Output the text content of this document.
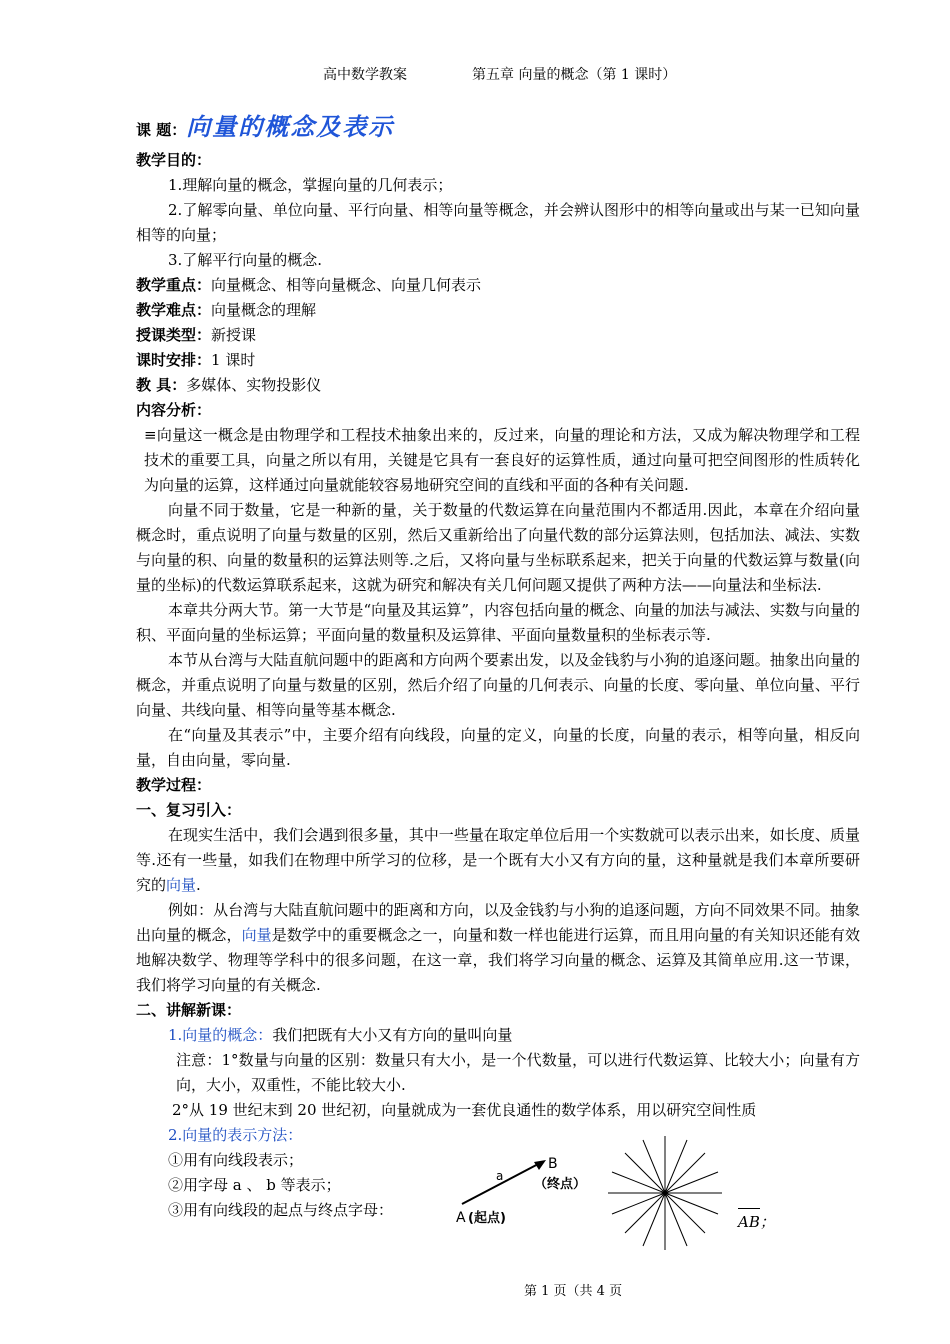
高中数学教案

	第五章 向量的概念（第 1 课时）

课 题：向量的概念及表示
教学目的：
1.理解向量的概念，掌握向量的几何表示；
2.了解零向量、单位向量、平行向量、相等向量等概念，并会辨认图形中的相等向量或出与某一已知向量相等的向量；
3.了解平行向量的概念.
教学重点：向量概念、相等向量概念、向量几何表示
教学难点：向量概念的理解
授课类型：新授课
课时安排：1 课时
教 具：多媒体、实物投影仪
内容分析：
≡向量这一概念是由物理学和工程技术抽象出来的，反过来，向量的理论和方法，又成为解决物理学和工程技术的重要工具，向量之所以有用，关键是它具有一套良好的运算性质，通过向量可把空间图形的性质转化为向量的运算，这样通过向量就能较容易地研究空间的直线和平面的各种有关问题.
向量不同于数量，它是一种新的量，关于数量的代数运算在向量范围内不都适用.因此，本章在介绍向量概念时，重点说明了向量与数量的区别，然后又重新给出了向量代数的部分运算法则，包括加法、减法、实数与向量的积、向量的数量积的运算法则等.之后，又将向量与坐标联系起来，把关于向量的代数运算与数量(向量的坐标)的代数运算联系起来，这就为研究和解决有关几何问题又提供了两种方法——向量法和坐标法.
本章共分两大节。第一大节是“向量及其运算”，内容包括向量的概念、向量的加法与减法、实数与向量的积、平面向量的坐标运算；平面向量的数量积及运算律、平面向量数量积的坐标表示等.
本节从台湾与大陆直航问题中的距离和方向两个要素出发，以及金钱豹与小狗的追逐问题。抽象出向量的概念，并重点说明了向量与数量的区别，然后介绍了向量的几何表示、向量的长度、零向量、单位向量、平行向量、共线向量、相等向量等基本概念.
在“向量及其表示”中，主要介绍有向线段，向量的定义，向量的长度，向量的表示，相等向量，相反向量，自由向量，零向量.
教学过程：
一、复习引入：
在现实生活中，我们会遇到很多量，其中一些量在取定单位后用一个实数就可以表示出来，如长度、质量等.还有一些量，如我们在物理中所学习的位移，是一个既有大小又有方向的量，这种量就是我们本章所要研究的向量.
例如：从台湾与大陆直航问题中的距离和方向，以及金钱豹与小狗的追逐问题，方向不同效果不同。抽象出向量的概念，向量是数学中的重要概念之一，向量和数一样也能进行运算，而且用向量的有关知识还能有效地解决数学、物理等学科中的很多问题，在这一章，我们将学习向量的概念、运算及其简单应用.这一节课，我们将学习向量的有关概念.
二、讲解新课：
1.向量的概念：我们把既有大小又有方向的量叫向量
注意：1°数量与向量的区别：数量只有大小，是一个代数量，可以进行代数运算、比较大小；向量有方向，大小，双重性，不能比较大小.
2°从 19 世纪末到 20 世纪初，向量就成为一套优良通性的数学体系，用以研究空间性质
2.向量的表示方法：
①用有向线段表示；
②用字母 a 、 b 等表示；
③用有向线段的起点与终点字母：
a
B
（终点）
A (起点)	AB；
第 1 页（共 4 页
